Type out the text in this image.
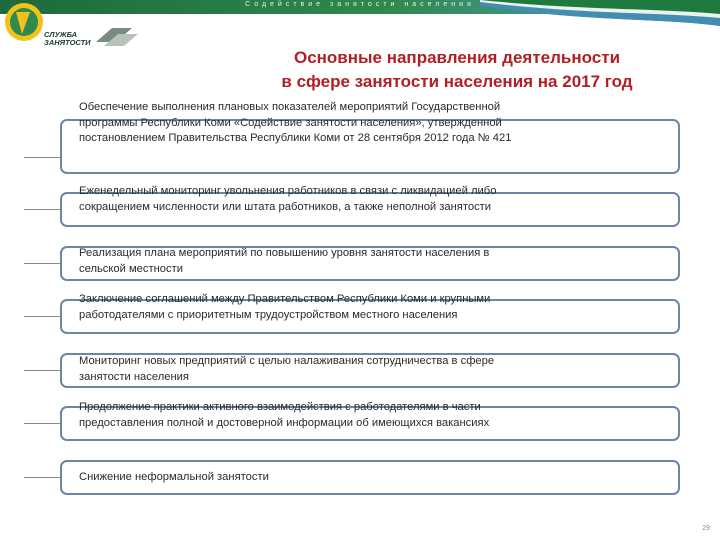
Содействие занятости населения
СЛУЖБА
ЗАНЯТОСТИ
Основные направления деятельности
в сфере занятости населения на 2017 год
Обеспечение выполнения плановых показателей мероприятий Государственной программы Республики Коми «Содействие занятости населения», утвержденной постановлением Правительства Республики Коми от 28 сентября 2012 года № 421
Еженедельный мониторинг увольнения работников в связи с ликвидацией либо сокращением численности или штата работников, а также неполной занятости
Реализация плана мероприятий по повышению уровня занятости населения в сельской местности
Заключение соглашений между Правительством Республики Коми и крупными работодателями с приоритетным трудоустройством местного населения
Мониторинг новых предприятий с целью налаживания сотрудничества в сфере занятости населения
Продолжение практики активного взаимодействия с работодателями в части предоставления полной и достоверной информации об имеющихся вакансиях
Снижение неформальной занятости
29
